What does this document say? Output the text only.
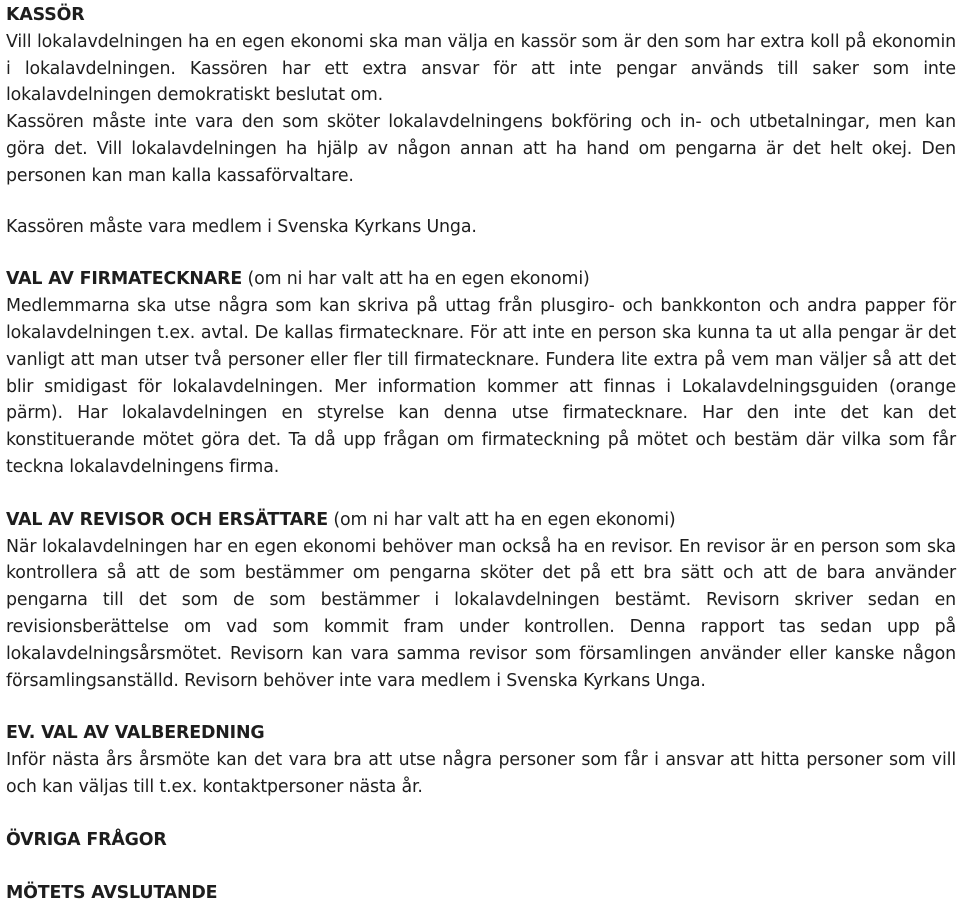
KASSÖR

Vill lokalavdelningen ha en egen ekonomi ska man välja en kassör som är den som har extra koll på ekonomin i lokalavdelningen. Kassören har ett extra ansvar för att inte pengar används till saker som inte lokalavdelningen demokratiskt beslutat om.

Kassören måste inte vara den som sköter lokalavdelningens bokföring och in- och utbetalningar, men kan göra det. Vill lokalavdelningen ha hjälp av någon annan att ha hand om pengarna är det helt okej. Den personen kan man kalla kassaförvaltare.

Kassören måste vara medlem i Svenska Kyrkans Unga.

VAL AV FIRMATECKNARE (om ni har valt att ha en egen ekonomi)

Medlemmarna ska utse några som kan skriva på uttag från plusgiro- och bankkonton och andra papper för lokalavdelningen t.ex. avtal. De kallas firmatecknare. För att inte en person ska kunna ta ut alla pengar är det vanligt att man utser två personer eller fler till firmatecknare. Fundera lite extra på vem man väljer så att det blir smidigast för lokalavdelningen. Mer information kommer att finnas i Lokalavdelningsguiden (orange pärm). Har lokalavdelningen en styrelse kan denna utse firmatecknare. Har den inte det kan det konstituerande mötet göra det. Ta då upp frågan om firmateckning på mötet och bestäm där vilka som får teckna lokalavdelningens firma.

VAL AV REVISOR OCH ERSÄTTARE (om ni har valt att ha en egen ekonomi)

När lokalavdelningen har en egen ekonomi behöver man också ha en revisor. En revisor är en person som ska kontrollera så att de som bestämmer om pengarna sköter det på ett bra sätt och att de bara använder pengarna till det som de som bestämmer i lokalavdelningen bestämt. Revisorn skriver sedan en revisionsberättelse om vad som kommit fram under kontrollen. Denna rapport tas sedan upp på lokalavdelningsårsmötet. Revisorn kan vara samma revisor som församlingen använder eller kanske någon församlingsanställd. Revisorn behöver inte vara medlem i Svenska Kyrkans Unga.

EV. VAL AV VALBEREDNING

Inför nästa års årsmöte kan det vara bra att utse några personer som får i ansvar att hitta personer som vill och kan väljas till t.ex. kontaktpersoner nästa år.

ÖVRIGA FRÅGOR
MÖTETS AVSLUTANDE
